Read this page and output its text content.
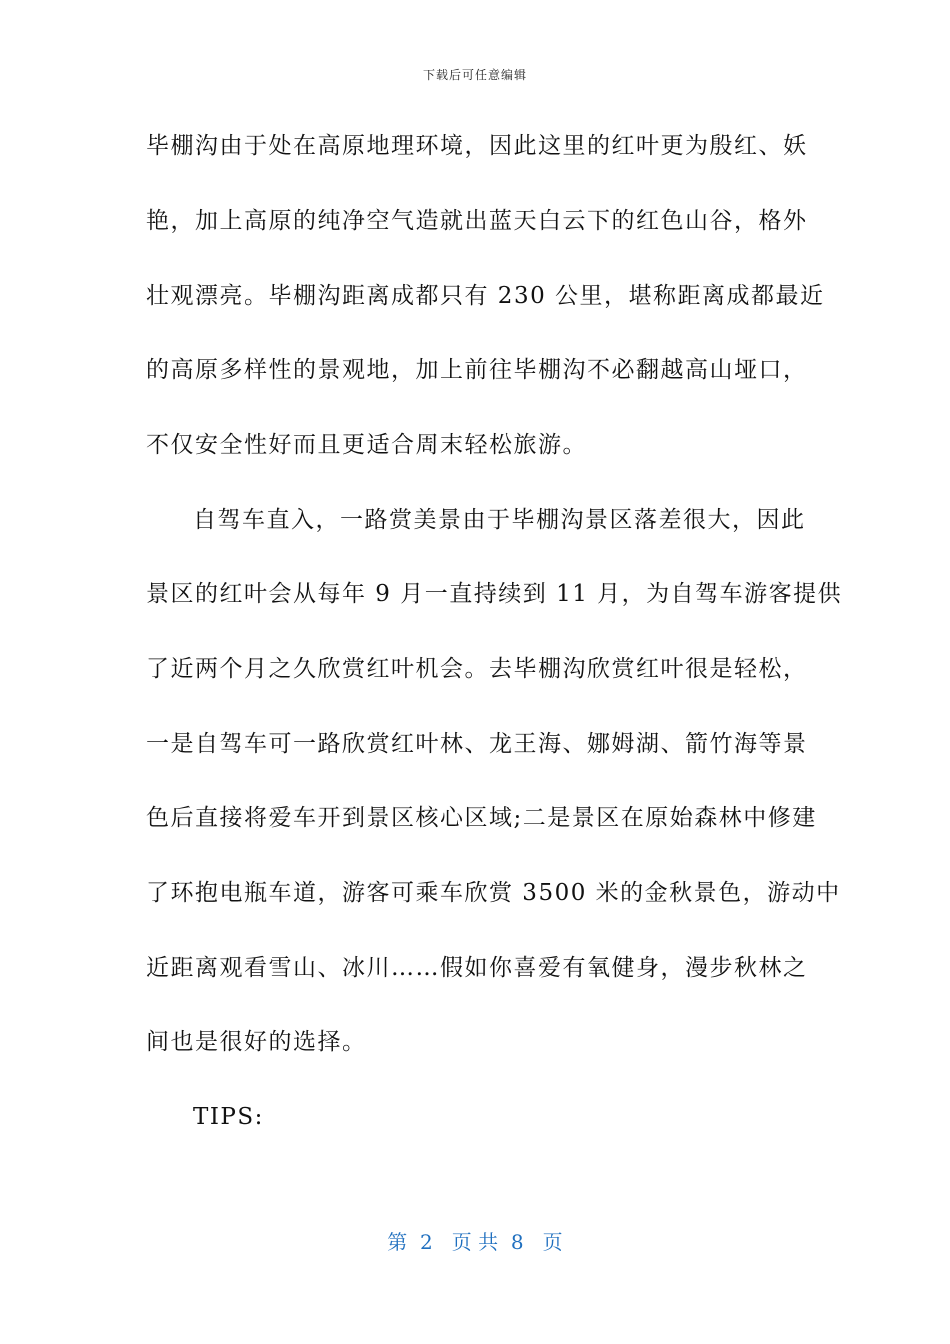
下载后可任意编辑
毕棚沟由于处在高原地理环境，因此这里的红叶更为殷红、妖
艳，加上高原的纯净空气造就出蓝天白云下的红色山谷，格外
壮观漂亮。毕棚沟距离成都只有 230 公里，堪称距离成都最近
的高原多样性的景观地，加上前往毕棚沟不必翻越高山垭口，
不仅安全性好而且更适合周末轻松旅游。
自驾车直入，一路赏美景由于毕棚沟景区落差很大，因此
景区的红叶会从每年 9 月一直持续到 11 月，为自驾车游客提供
了近两个月之久欣赏红叶机会。去毕棚沟欣赏红叶很是轻松，
一是自驾车可一路欣赏红叶林、龙王海、娜姆湖、箭竹海等景
色后直接将爱车开到景区核心区域;二是景区在原始森林中修建
了环抱电瓶车道，游客可乘车欣赏 3500 米的金秋景色，游动中
近距离观看雪山、冰川……假如你喜爱有氧健身，漫步秋林之
间也是很好的选择。
TIPS:
第  2   页 共  8   页
